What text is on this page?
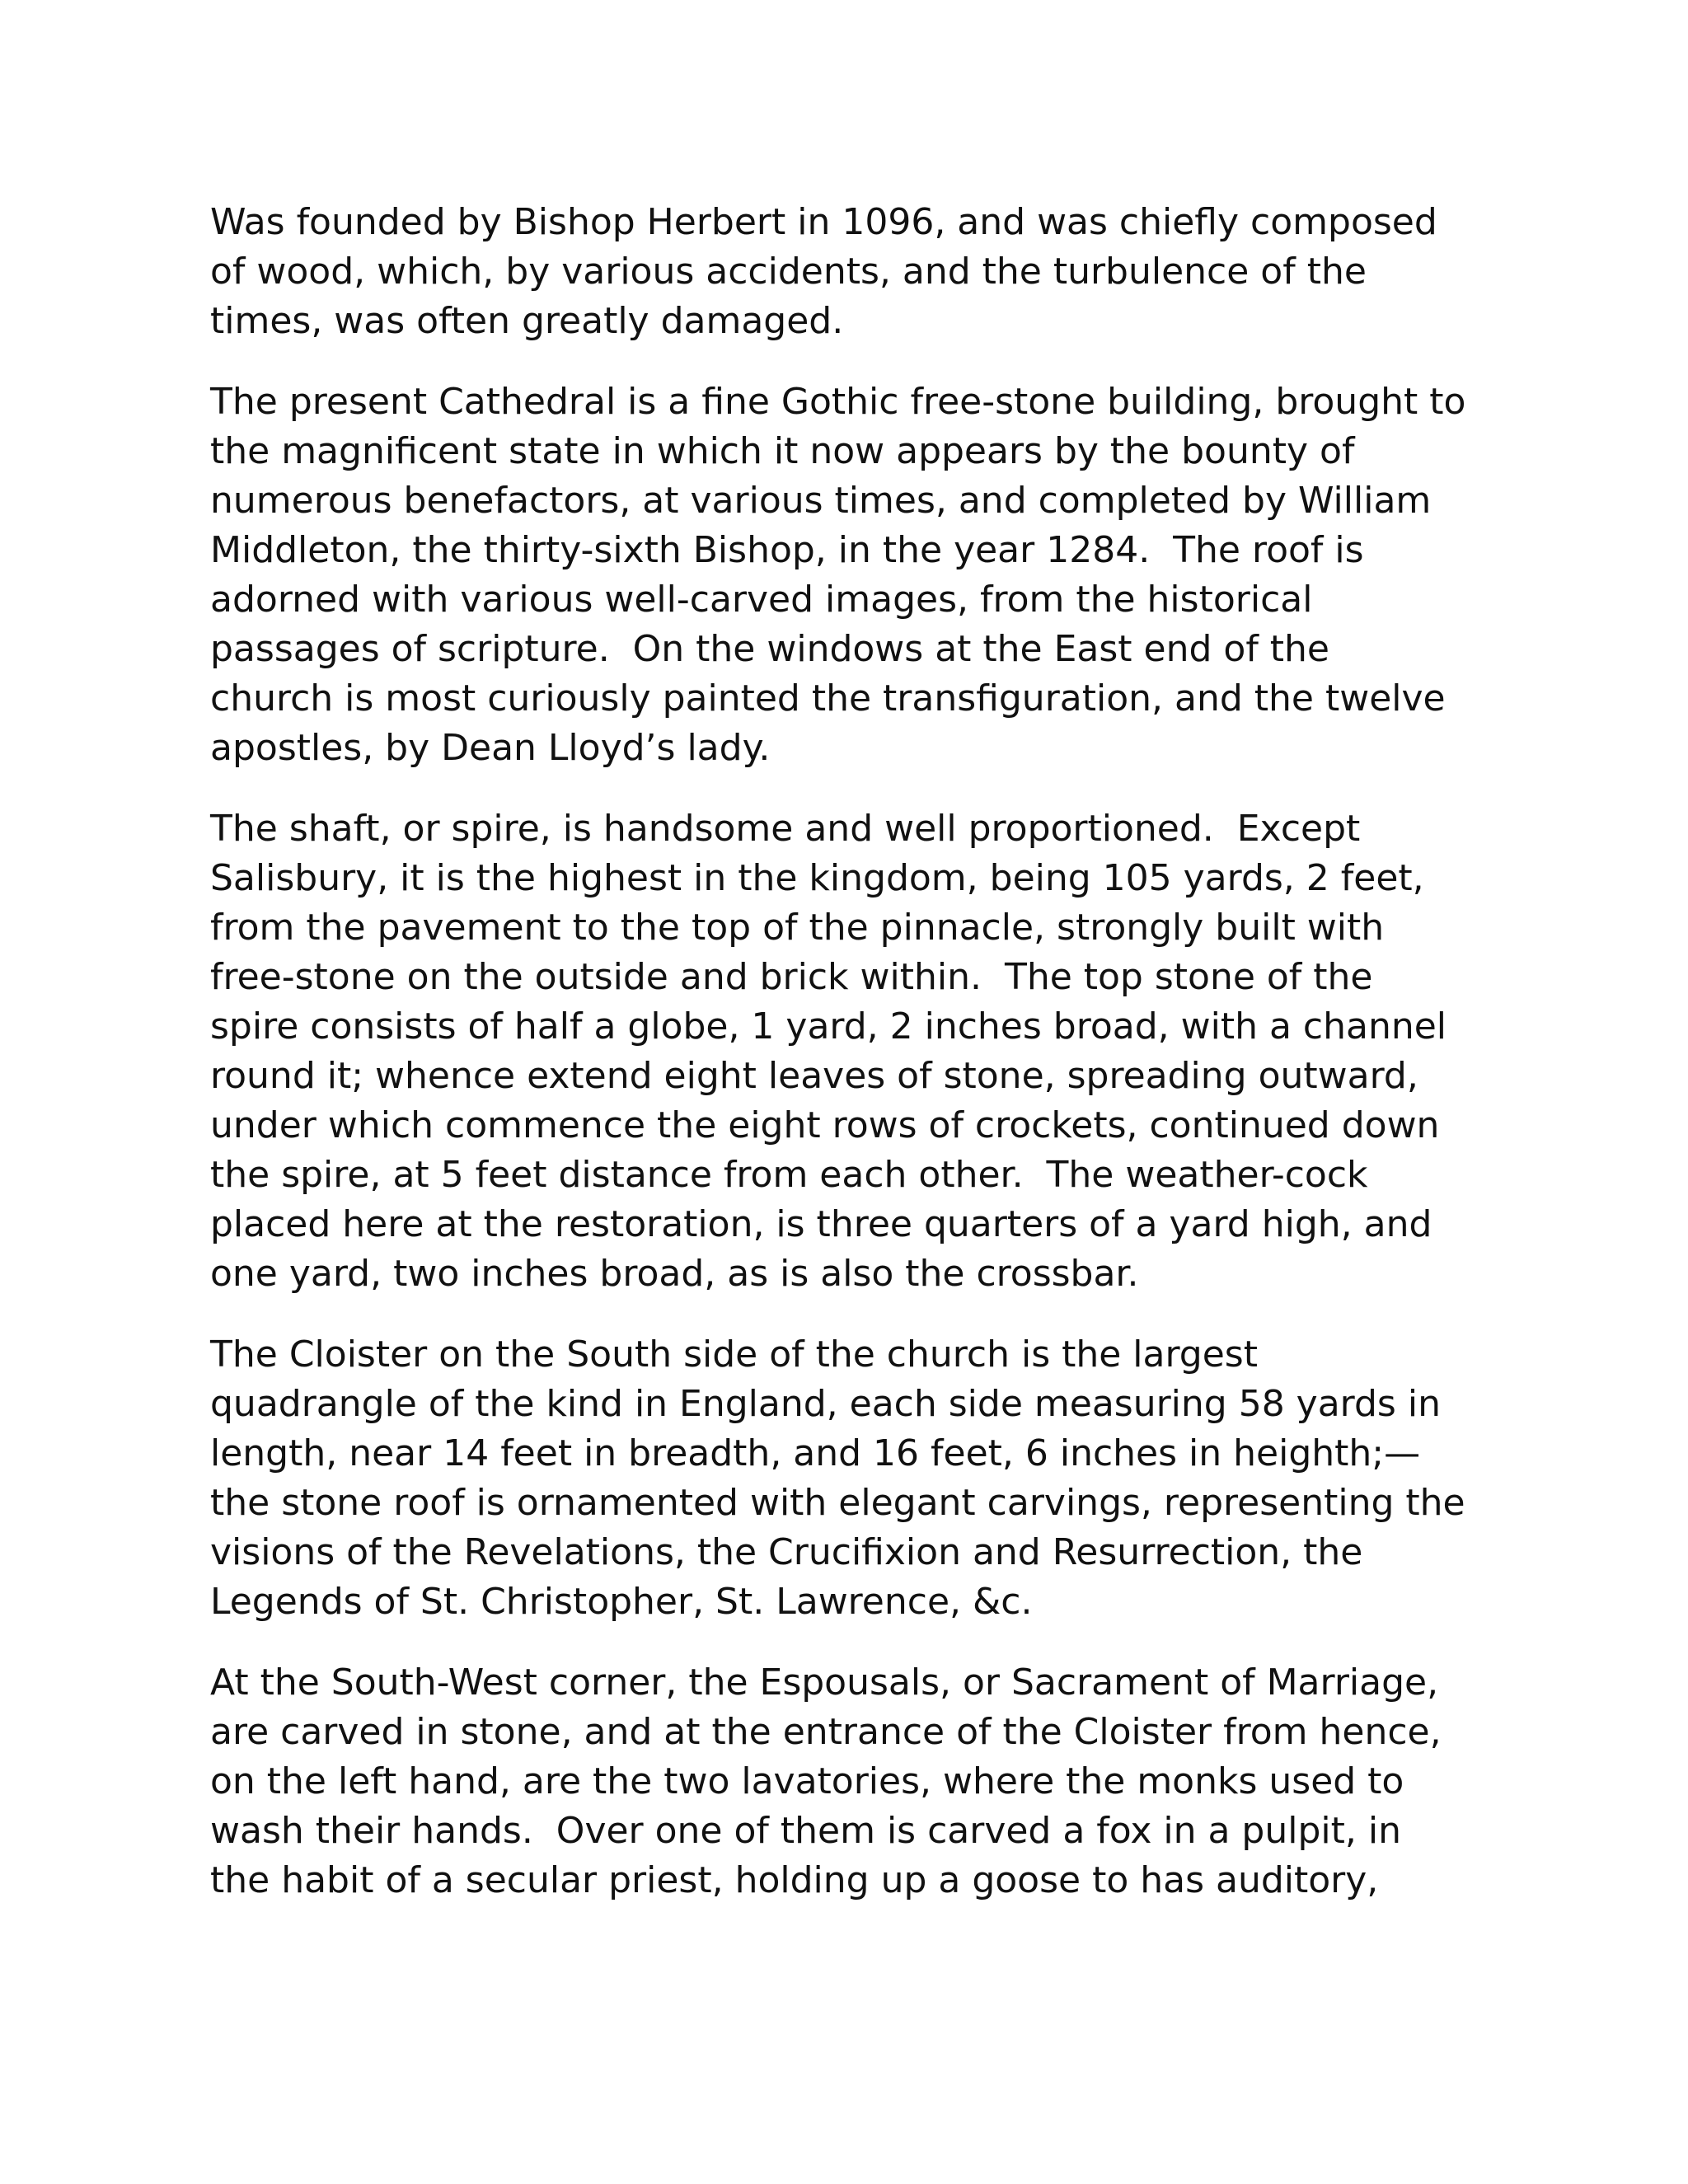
Was founded by Bishop Herbert in 1096, and was chiefly composed
of wood, which, by various accidents, and the turbulence of the
times, was often greatly damaged.

The present Cathedral is a fine Gothic free-stone building, brought to
the magnificent state in which it now appears by the bounty of
numerous benefactors, at various times, and completed by William
Middleton, the thirty-sixth Bishop, in the year 1284.  The roof is
adorned with various well-carved images, from the historical
passages of scripture.  On the windows at the East end of the
church is most curiously painted the transfiguration, and the twelve
apostles, by Dean Lloyd’s lady.

The shaft, or spire, is handsome and well proportioned.  Except
Salisbury, it is the highest in the kingdom, being 105 yards, 2 feet,
from the pavement to the top of the pinnacle, strongly built with
free-stone on the outside and brick within.  The top stone of the
spire consists of half a globe, 1 yard, 2 inches broad, with a channel
round it; whence extend eight leaves of stone, spreading outward,
under which commence the eight rows of crockets, continued down
the spire, at 5 feet distance from each other.  The weather-cock
placed here at the restoration, is three quarters of a yard high, and
one yard, two inches broad, as is also the crossbar.

The Cloister on the South side of the church is the largest
quadrangle of the kind in England, each side measuring 58 yards in
length, near 14 feet in breadth, and 16 feet, 6 inches in heighth;—
the stone roof is ornamented with elegant carvings, representing the
visions of the Revelations, the Crucifixion and Resurrection, the
Legends of St. Christopher, St. Lawrence, &c.

At the South-West corner, the Espousals, or Sacrament of Marriage,
are carved in stone, and at the entrance of the Cloister from hence,
on the left hand, are the two lavatories, where the monks used to
wash their hands.  Over one of them is carved a fox in a pulpit, in
the habit of a secular priest, holding up a goose to has auditory,
